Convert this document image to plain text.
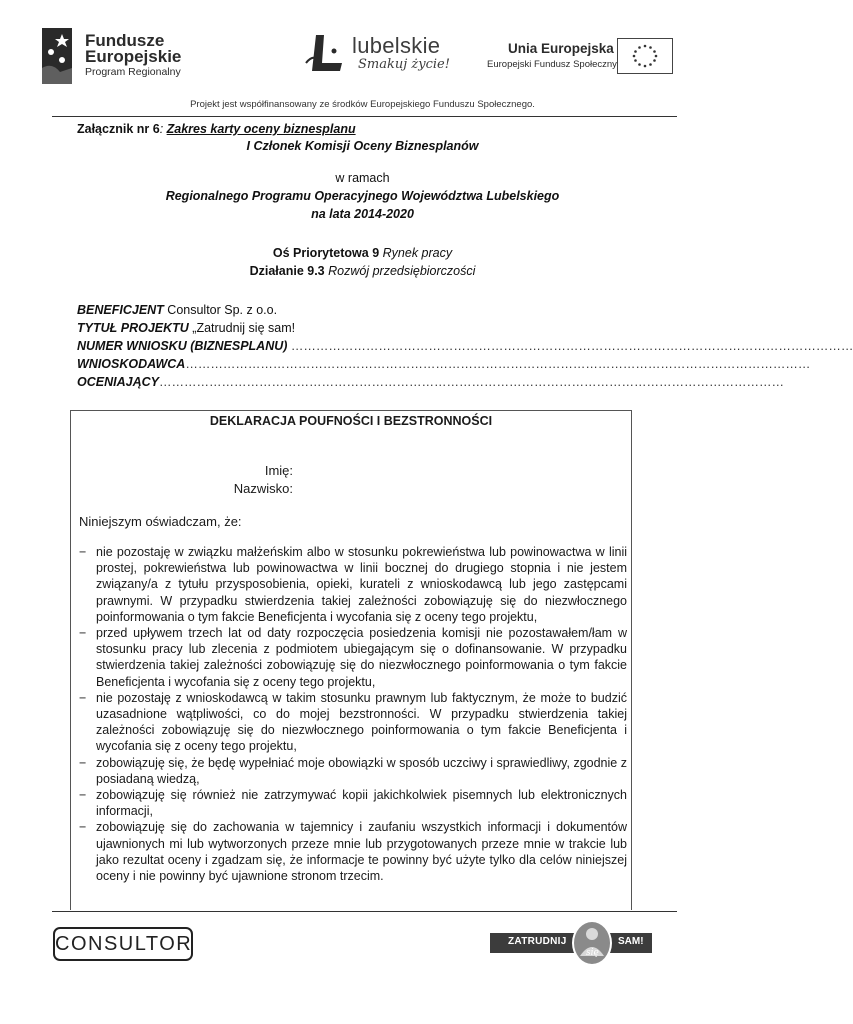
Fundusze
Europejskie
Program Regionalny
lubelskie
Smakuj życie!
Unia Europejska
Europejski Fundusz Społeczny
Projekt jest współfinansowany ze środków Europejskiego Funduszu Społecznego.
Załącznik nr 6: Zakres karty oceny biznesplanu
I Członek Komisji Oceny Biznesplanów
w ramach
Regionalnego Programu Operacyjnego Województwa Lubelskiego
na lata 2014-2020
Oś Priorytetowa 9 Rynek pracy
Działanie 9.3 Rozwój przedsiębiorczości
BENEFICJENT Consultor Sp. z o.o.
TYTUŁ PROJEKTU „Zatrudnij się sam!
NUMER WNIOSKU (BIZNESPLANU) ………………………………………………………………………………………………………………………
WNIOSKODAWCA……………………………………………………………………………………………………………………………………
OCENIAJĄCY……………………………………………………………………………………………………………………………………
DEKLARACJA POUFNOŚCI I BEZSTRONNOŚCI
Imię:
Nazwisko:
Niniejszym oświadczam, że:
− nie pozostaję w związku małżeńskim albo w stosunku pokrewieństwa lub powinowactwa w linii prostej, pokrewieństwa lub powinowactwa w linii bocznej do drugiego stopnia i nie jestem związany/a z tytułu przysposobienia, opieki, kurateli z wnioskodawcą lub jego zastępcami prawnymi. W przypadku stwierdzenia takiej zależności zobowiązuję się do niezwłocznego poinformowania o tym fakcie Beneficjenta i wycofania się z oceny tego projektu,
− przed upływem trzech lat od daty rozpoczęcia posiedzenia komisji nie pozostawałem/łam w stosunku pracy lub zlecenia z podmiotem ubiegającym się o dofinansowanie. W przypadku stwierdzenia takiej zależności zobowiązuję się do niezwłocznego poinformowania o tym fakcie Beneficjenta i wycofania się z oceny tego projektu,
− nie pozostaję z wnioskodawcą w takim stosunku prawnym lub faktycznym, że może to budzić uzasadnione wątpliwości, co do mojej bezstronności. W przypadku stwierdzenia takiej zależności zobowiązuję się do niezwłocznego poinformowania o tym fakcie Beneficjenta i wycofania się z oceny tego projektu,
− zobowiązuję się, że będę wypełniać moje obowiązki w sposób uczciwy i sprawiedliwy, zgodnie z posiadaną wiedzą,
− zobowiązuję się również nie zatrzymywać kopii jakichkolwiek pisemnych lub elektronicznych informacji,
− zobowiązuję się do zachowania w tajemnicy i zaufaniu wszystkich informacji i dokumentów ujawnionych mi lub wytworzonych przeze mnie lub przygotowanych przeze mnie w trakcie lub jako rezultat oceny i zgadzam się, że informacje te powinny być użyte tylko dla celów niniejszej oceny i nie powinny być ujawnione stronom trzecim.
CONSULTOR	ZATRUDNIJ
się
SAM!
